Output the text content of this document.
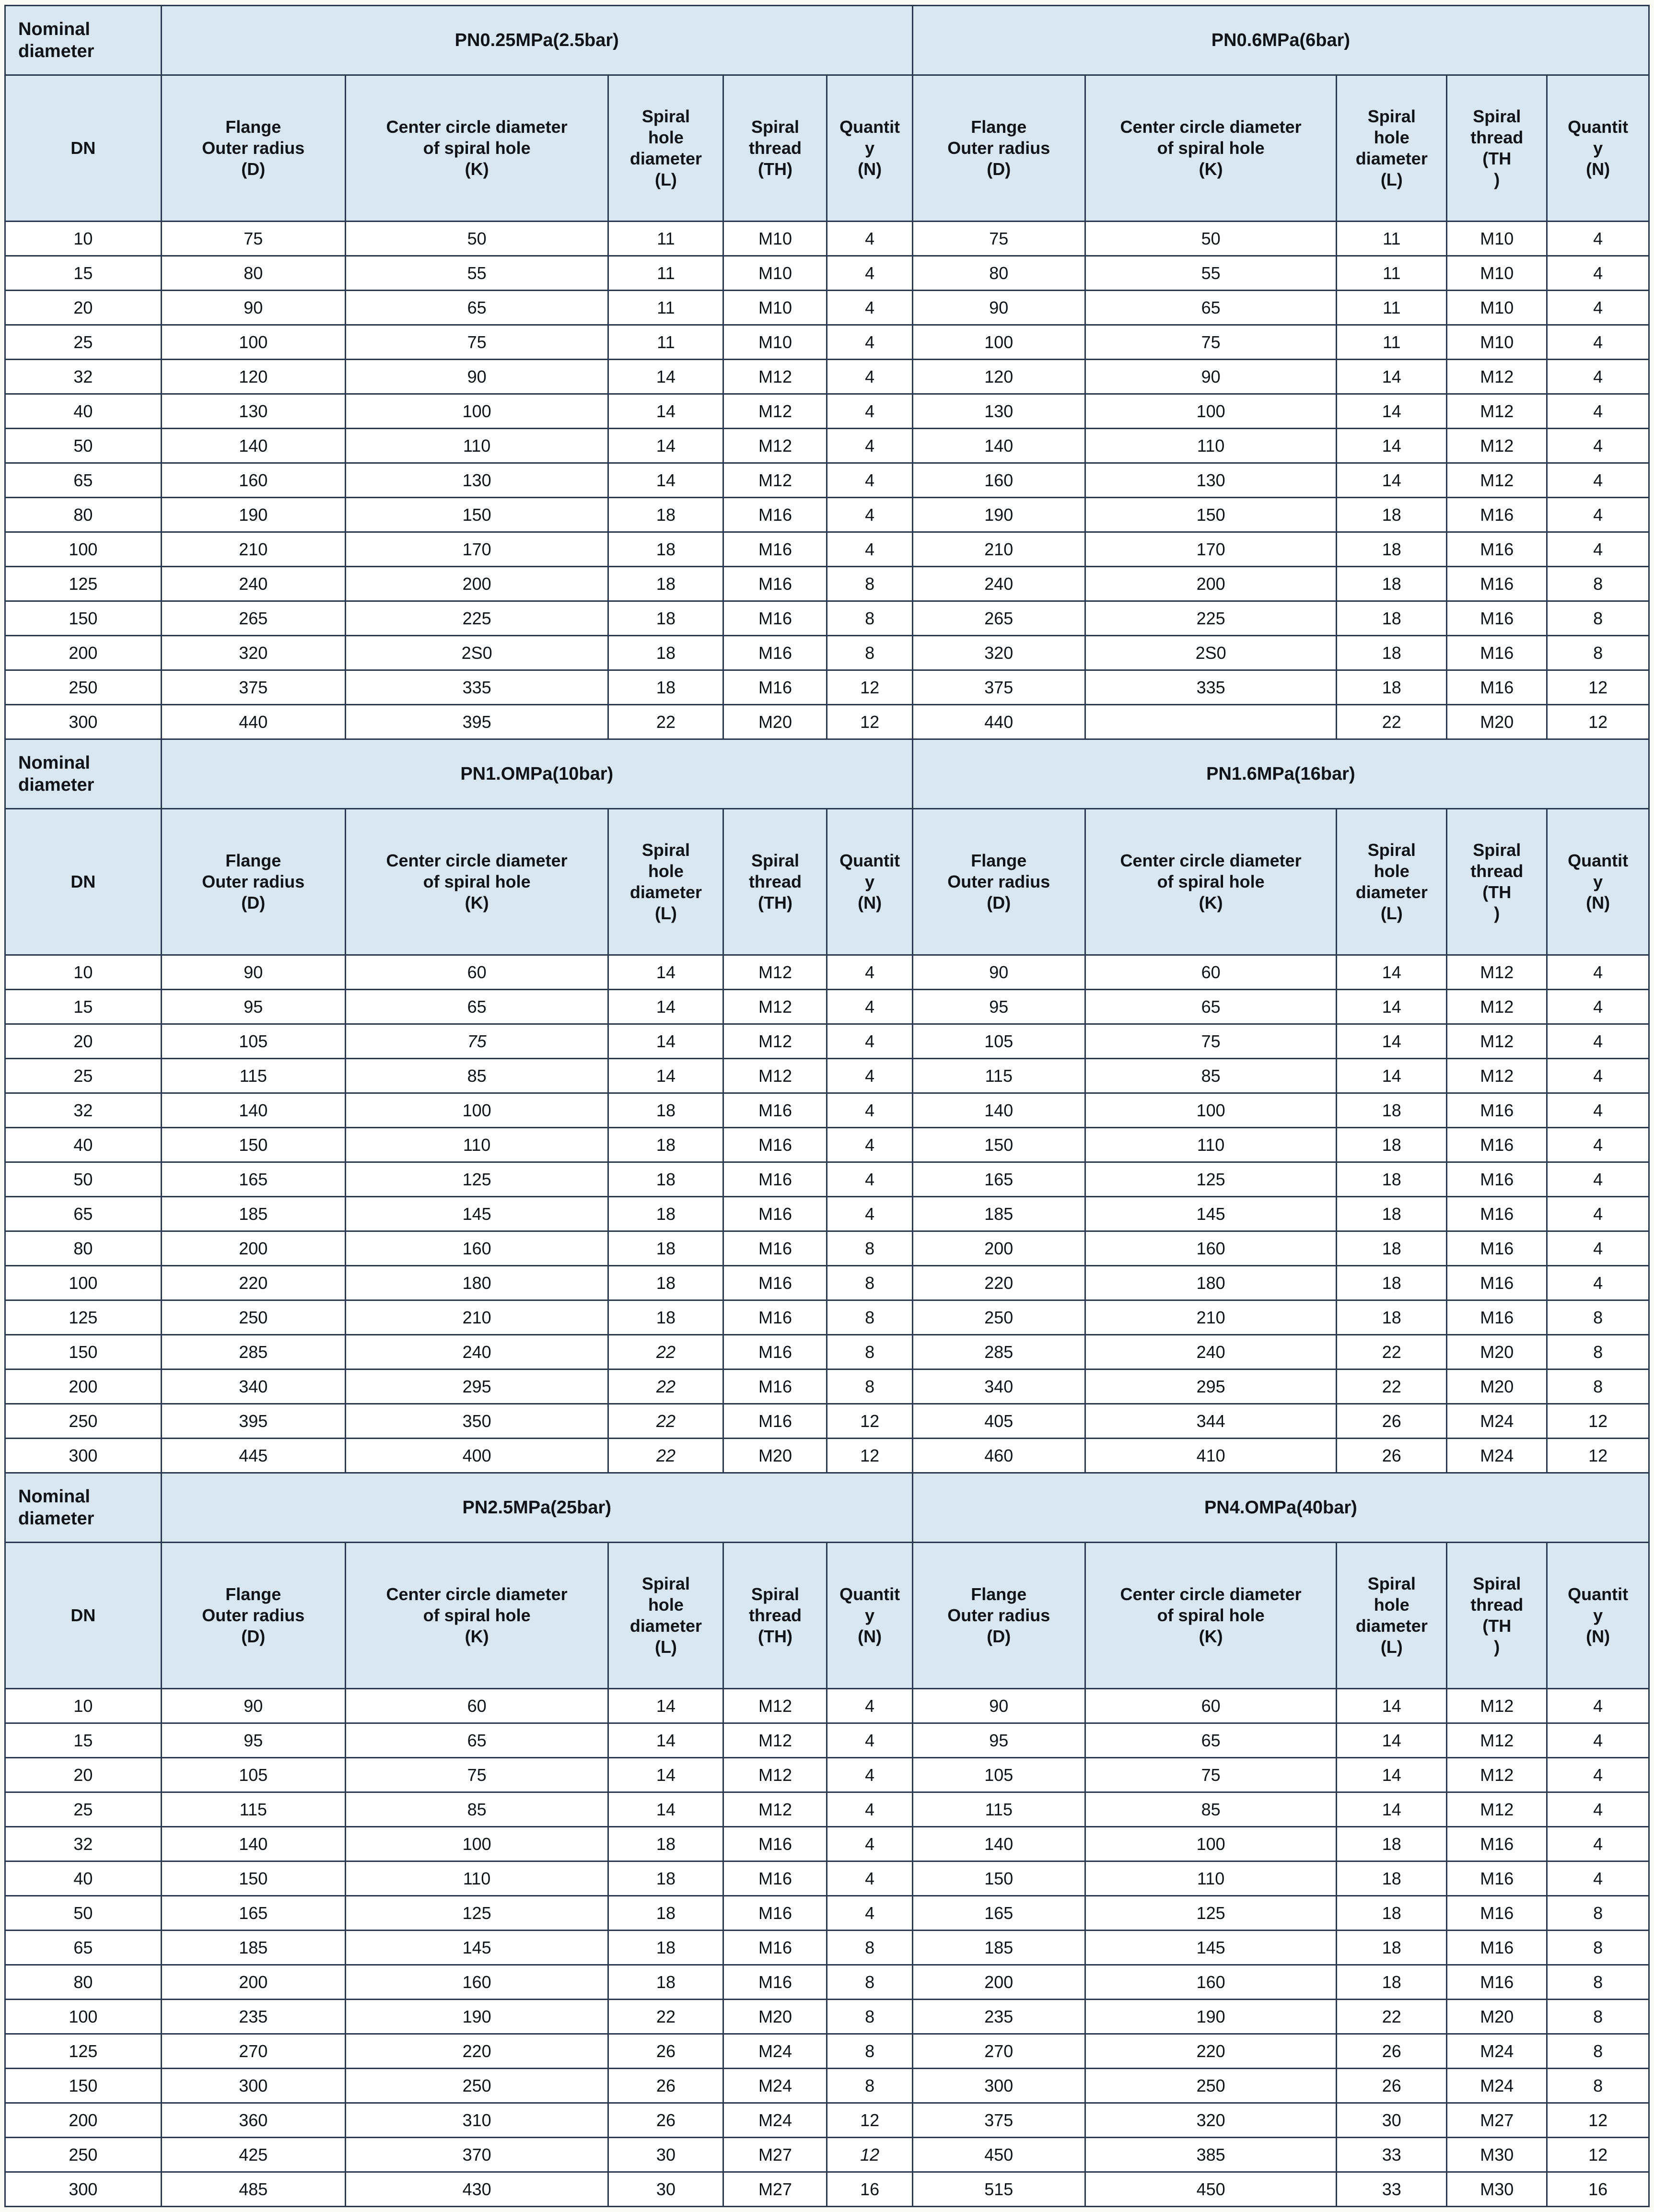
Nominal
diameter	PN0.25MPa(2.5bar)					PN0.6MPa(6bar)				
DN	Flange
Outer radius
(D)	Center circle diameter
of spiral hole
(K)	Spiral
hole
diameter
(L)	Spiral
thread
(TH)	Quantit
y
(N)	Flange
Outer radius
(D)	Center circle diameter
of spiral hole
(K)	Spiral
hole
diameter
(L)	Spiral
thread
(TH
)	Quantit
y
(N)
10	75	50	11	M10	4	75	50	11	M10	4
15	80	55	11	M10	4	80	55	11	M10	4
20	90	65	11	M10	4	90	65	11	M10	4
25	100	75	11	M10	4	100	75	11	M10	4
32	120	90	14	M12	4	120	90	14	M12	4
40	130	100	14	M12	4	130	100	14	M12	4
50	140	110	14	M12	4	140	110	14	M12	4
65	160	130	14	M12	4	160	130	14	M12	4
80	190	150	18	M16	4	190	150	18	M16	4
100	210	170	18	M16	4	210	170	18	M16	4
125	240	200	18	M16	8	240	200	18	M16	8
150	265	225	18	M16	8	265	225	18	M16	8
200	320	2S0	18	M16	8	320	2S0	18	M16	8
250	375	335	18	M16	12	375	335	18	M16	12
300	440	395	22	M20	12	440		22	M20	12
Nominal
diameter	PN1.OMPa(10bar)					PN1.6MPa(16bar)				
DN	Flange
Outer radius
(D)	Center circle diameter
of spiral hole
(K)	Spiral
hole
diameter
(L)	Spiral
thread
(TH)	Quantit
y
(N)	Flange
Outer radius
(D)	Center circle diameter
of spiral hole
(K)	Spiral
hole
diameter
(L)	Spiral
thread
(TH
)	Quantit
y
(N)
10	90	60	14	M12	4	90	60	14	M12	4
15	95	65	14	M12	4	95	65	14	M12	4
20	105	75	14	M12	4	105	75	14	M12	4
25	115	85	14	M12	4	115	85	14	M12	4
32	140	100	18	M16	4	140	100	18	M16	4
40	150	110	18	M16	4	150	110	18	M16	4
50	165	125	18	M16	4	165	125	18	M16	4
65	185	145	18	M16	4	185	145	18	M16	4
80	200	160	18	M16	8	200	160	18	M16	4
100	220	180	18	M16	8	220	180	18	M16	4
125	250	210	18	M16	8	250	210	18	M16	8
150	285	240	22	M16	8	285	240	22	M20	8
200	340	295	22	M16	8	340	295	22	M20	8
250	395	350	22	M16	12	405	344	26	M24	12
300	445	400	22	M20	12	460	410	26	M24	12
Nominal
diameter	PN2.5MPa(25bar)					PN4.OMPa(40bar)				
DN	Flange
Outer radius
(D)	Center circle diameter
of spiral hole
(K)	Spiral
hole
diameter
(L)	Spiral
thread
(TH)	Quantit
y
(N)	Flange
Outer radius
(D)	Center circle diameter
of spiral hole
(K)	Spiral
hole
diameter
(L)	Spiral
thread
(TH
)	Quantit
y
(N)
10	90	60	14	M12	4	90	60	14	M12	4
15	95	65	14	M12	4	95	65	14	M12	4
20	105	75	14	M12	4	105	75	14	M12	4
25	115	85	14	M12	4	115	85	14	M12	4
32	140	100	18	M16	4	140	100	18	M16	4
40	150	110	18	M16	4	150	110	18	M16	4
50	165	125	18	M16	4	165	125	18	M16	8
65	185	145	18	M16	8	185	145	18	M16	8
80	200	160	18	M16	8	200	160	18	M16	8
100	235	190	22	M20	8	235	190	22	M20	8
125	270	220	26	M24	8	270	220	26	M24	8
150	300	250	26	M24	8	300	250	26	M24	8
200	360	310	26	M24	12	375	320	30	M27	12
250	425	370	30	M27	12	450	385	33	M30	12
300	485	430	30	M27	16	515	450	33	M30	16
